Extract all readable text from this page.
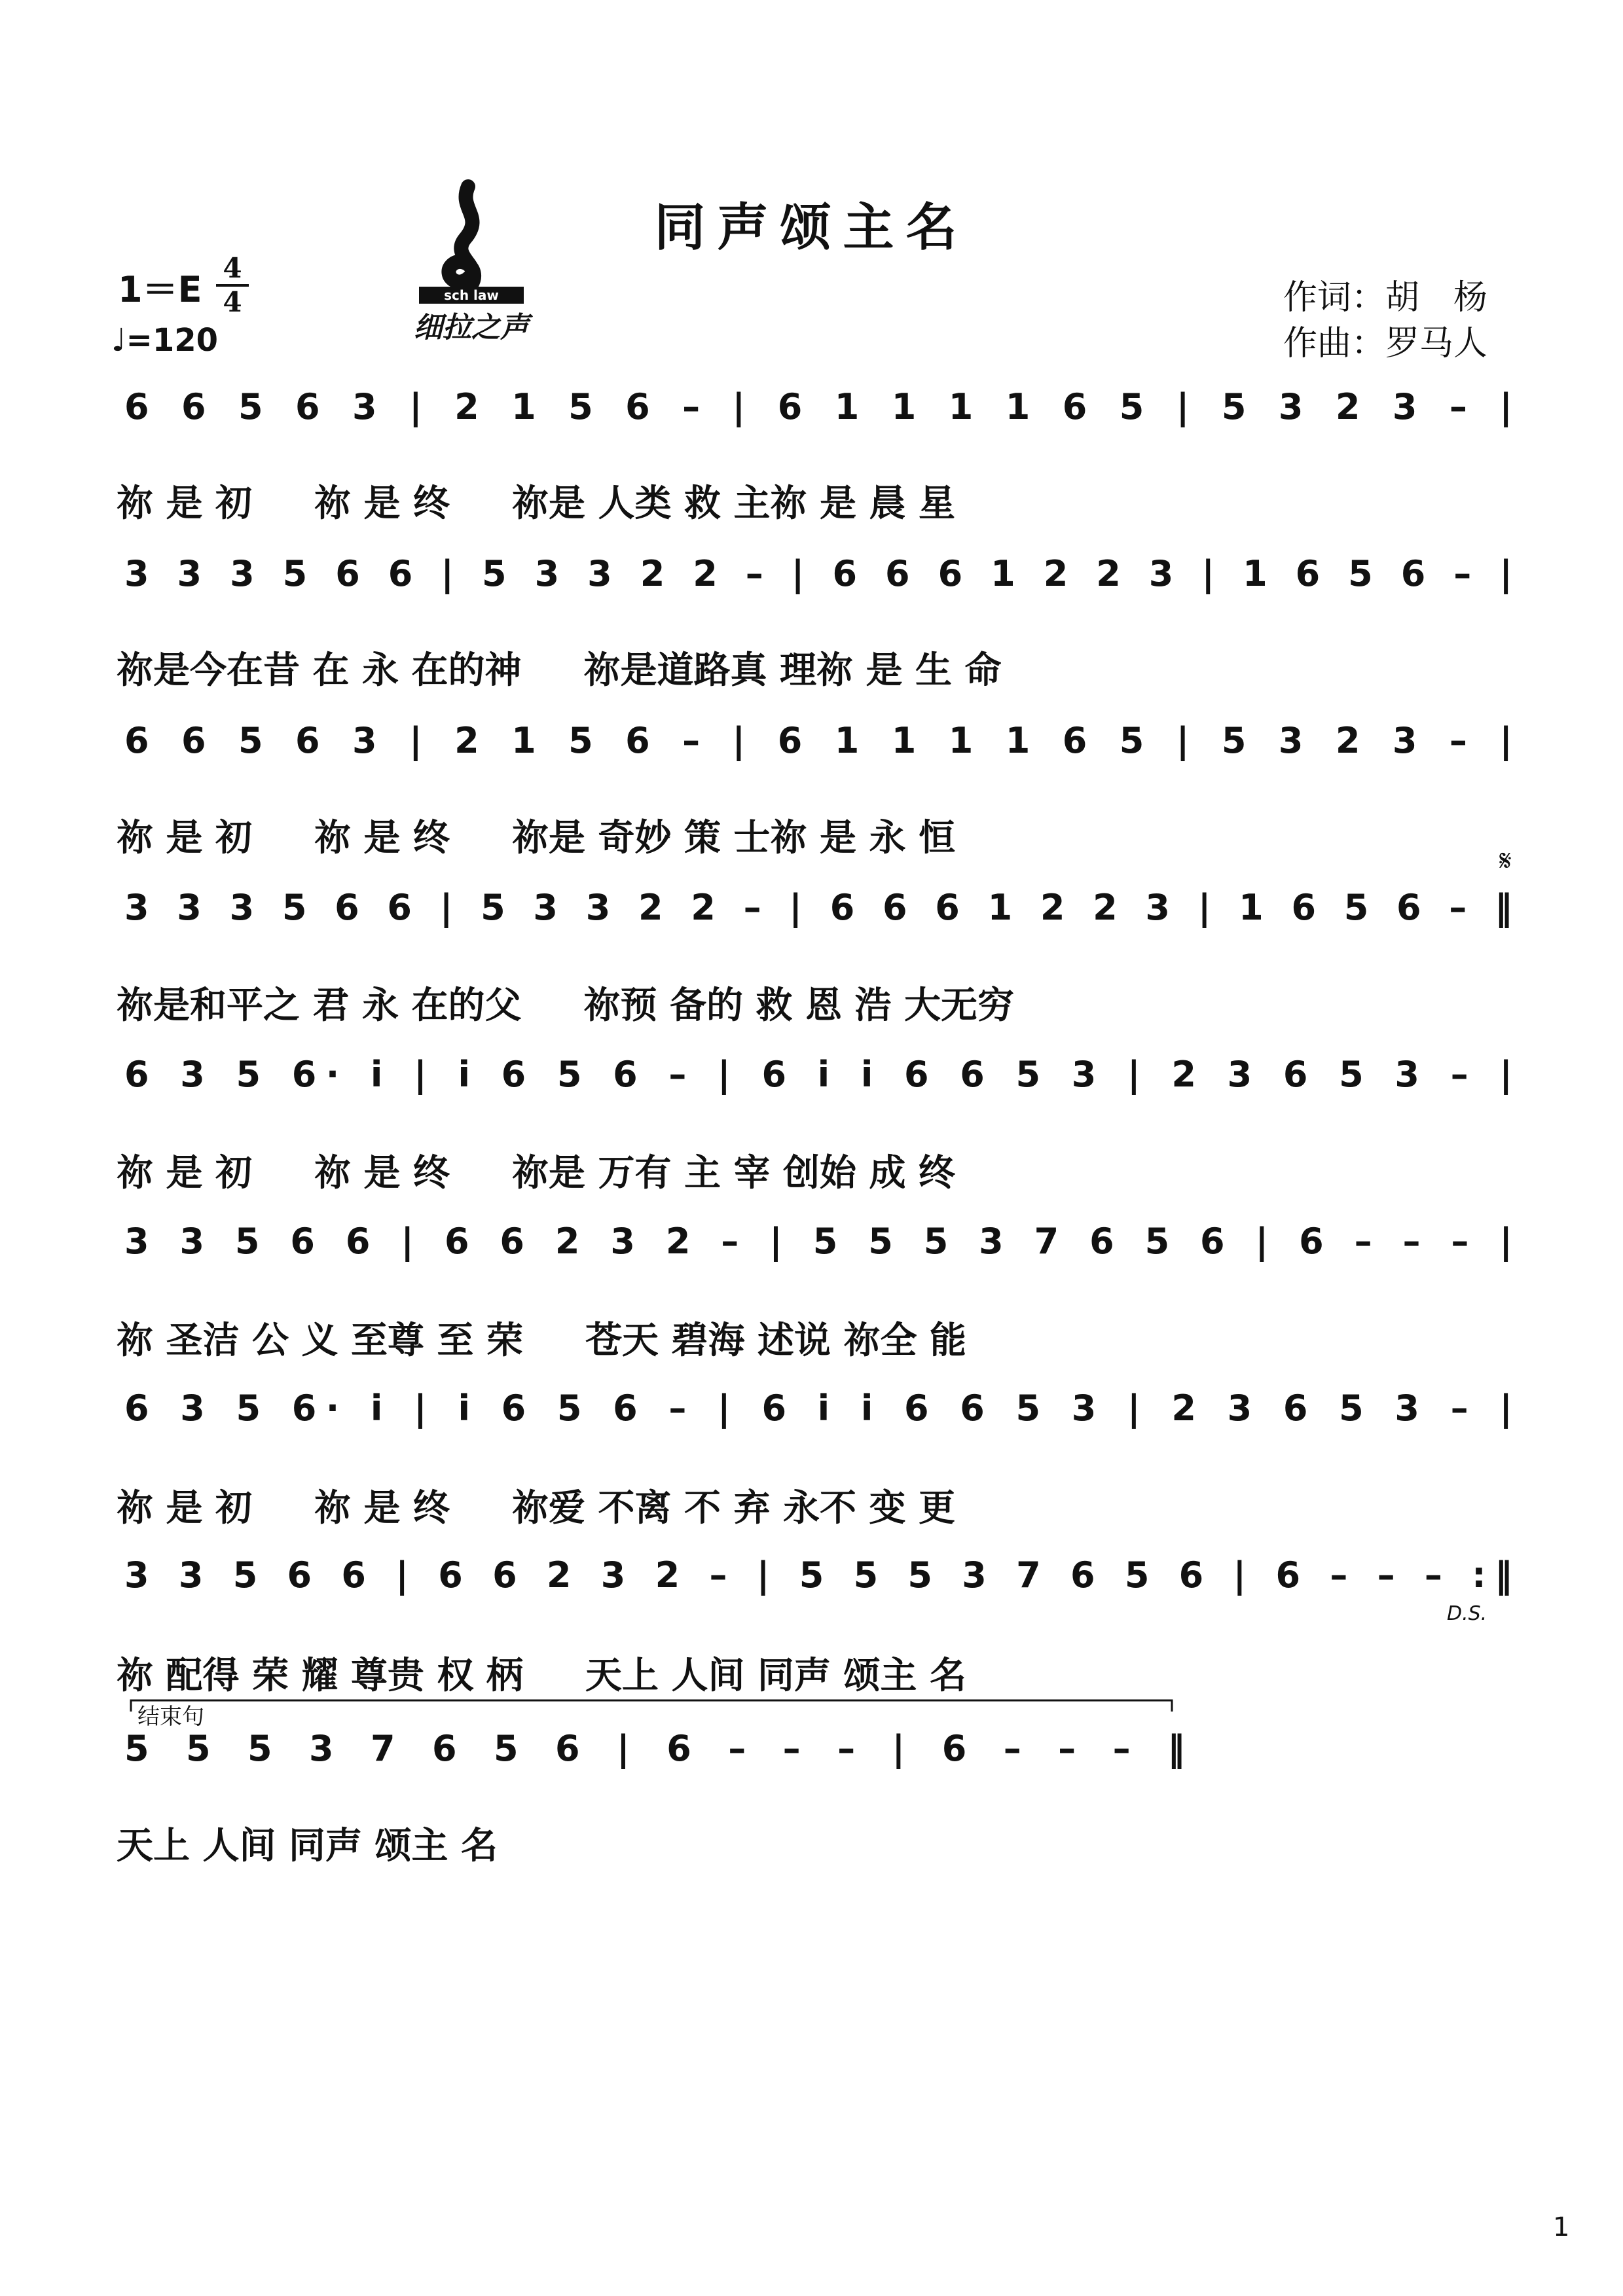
同声颂主名
1＝E
4
4
♩=120
sch law
细拉之声
作词：胡　杨
作曲：罗马人
6 6 5 6 3 | 2 1 5 6 – | 6 1 1 1 1 6 5 | 5 3 2 3 – |
3 3 3 5 6 6 | 5 3 3 2 2 – | 6 6 6 1 2 2 3 | 1 6 5 6 – |
6 6 5 6 3 | 2 1 5 6 – | 6 1 1 1 1 6 5 | 5 3 2 3 – |
3 3 3 5 6 6 | 5 3 3 2 2 – | 6 6 6 1 2 2 3 | 1 6 5 6 – ‖
6 3 5 6· i | i 6 5 6 – | 6 i i 6 6 5 3 | 2 3 6 5 3 – |
3 3 5 6 6 | 6 6 2 3 2 – | 5 5 5 3 7 6 5 6 | 6 – – – |
6 3 5 6· i | i 6 5 6 – | 6 i i 6 6 5 3 | 2 3 6 5 3 – |
3 3 5 6 6 | 6 6 2 3 2 – | 5 5 5 3 7 6 5 6 | 6 – – – :‖
5 5 5 3 7 6 5 6 | 6 – – – | 6 – – – ‖
祢 是 初 　 祢 是 终 　 祢是 人类 救 主祢 是 晨 星
祢是今在昔 在 永 在的神 　 祢是道路真 理祢 是 生 命
祢 是 初 　 祢 是 终 　 祢是 奇妙 策 士祢 是 永 恒
祢是和平之 君 永 在的父 　 祢预 备的 救 恩 浩 大无穷
祢 是 初 　 祢 是 终 　 祢是 万有 主 宰 创始 成 终
祢 圣洁 公 义 至尊 至 荣 　 苍天 碧海 述说 祢全 能
祢 是 初 　 祢 是 终 　 祢爱 不离 不 弃 永不 变 更
祢 配得 荣 耀 尊贵 权 柄 　 天上 人间 同声 颂主 名
天上 人间 同声 颂主 名
𝄋
D.S.
结束句
1
